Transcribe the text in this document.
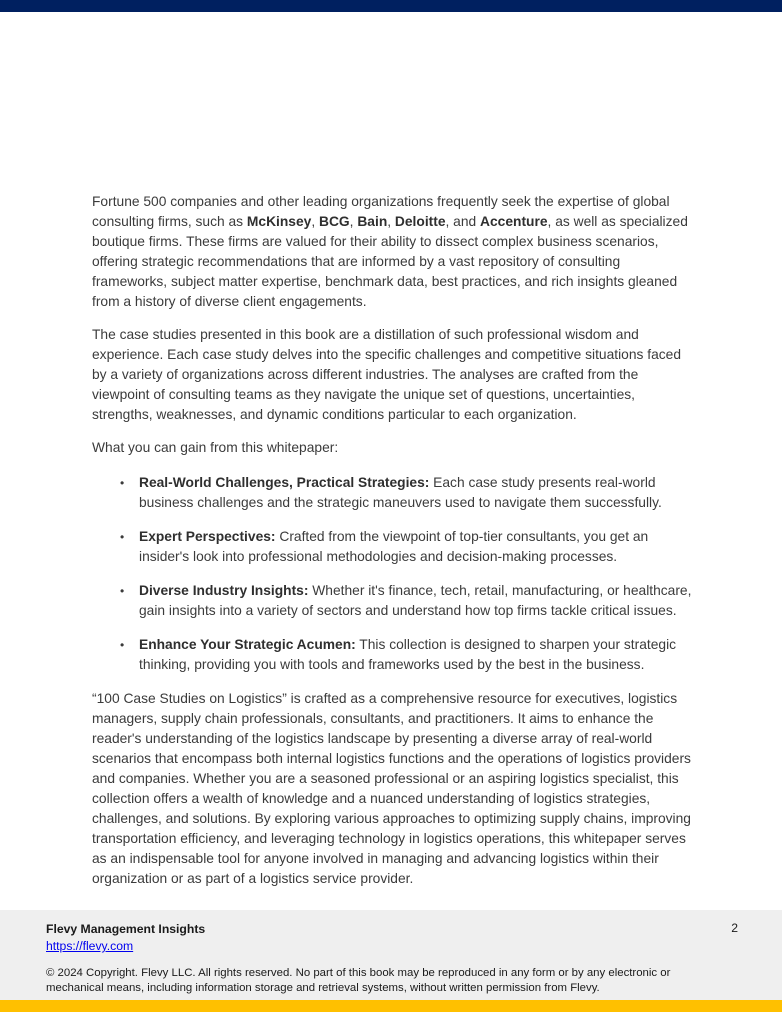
Fortune 500 companies and other leading organizations frequently seek the expertise of global consulting firms, such as McKinsey, BCG, Bain, Deloitte, and Accenture, as well as specialized boutique firms. These firms are valued for their ability to dissect complex business scenarios, offering strategic recommendations that are informed by a vast repository of consulting frameworks, subject matter expertise, benchmark data, best practices, and rich insights gleaned from a history of diverse client engagements.

The case studies presented in this book are a distillation of such professional wisdom and experience. Each case study delves into the specific challenges and competitive situations faced by a variety of organizations across different industries. The analyses are crafted from the viewpoint of consulting teams as they navigate the unique set of questions, uncertainties, strengths, weaknesses, and dynamic conditions particular to each organization.

What you can gain from this whitepaper:

• Real-World Challenges, Practical Strategies: Each case study presents real-world business challenges and the strategic maneuvers used to navigate them successfully.
• Expert Perspectives: Crafted from the viewpoint of top-tier consultants, you get an insider's look into professional methodologies and decision-making processes.
• Diverse Industry Insights: Whether it's finance, tech, retail, manufacturing, or healthcare, gain insights into a variety of sectors and understand how top firms tackle critical issues.
• Enhance Your Strategic Acumen: This collection is designed to sharpen your strategic thinking, providing you with tools and frameworks used by the best in the business.

“100 Case Studies on Logistics” is crafted as a comprehensive resource for executives, logistics managers, supply chain professionals, consultants, and practitioners. It aims to enhance the reader's understanding of the logistics landscape by presenting a diverse array of real-world scenarios that encompass both internal logistics functions and the operations of logistics providers and companies. Whether you are a seasoned professional or an aspiring logistics specialist, this collection offers a wealth of knowledge and a nuanced understanding of logistics strategies, challenges, and solutions. By exploring various approaches to optimizing supply chains, improving transportation efficiency, and leveraging technology in logistics operations, this whitepaper serves as an indispensable tool for anyone involved in managing and advancing logistics within their organization or as part of a logistics service provider.

Flevy Management Insights
https://flevy.com
© 2024 Copyright. Flevy LLC. All rights reserved. No part of this book may be reproduced in any form or by any electronic or mechanical means, including information storage and retrieval systems, without written permission from Flevy.
2
